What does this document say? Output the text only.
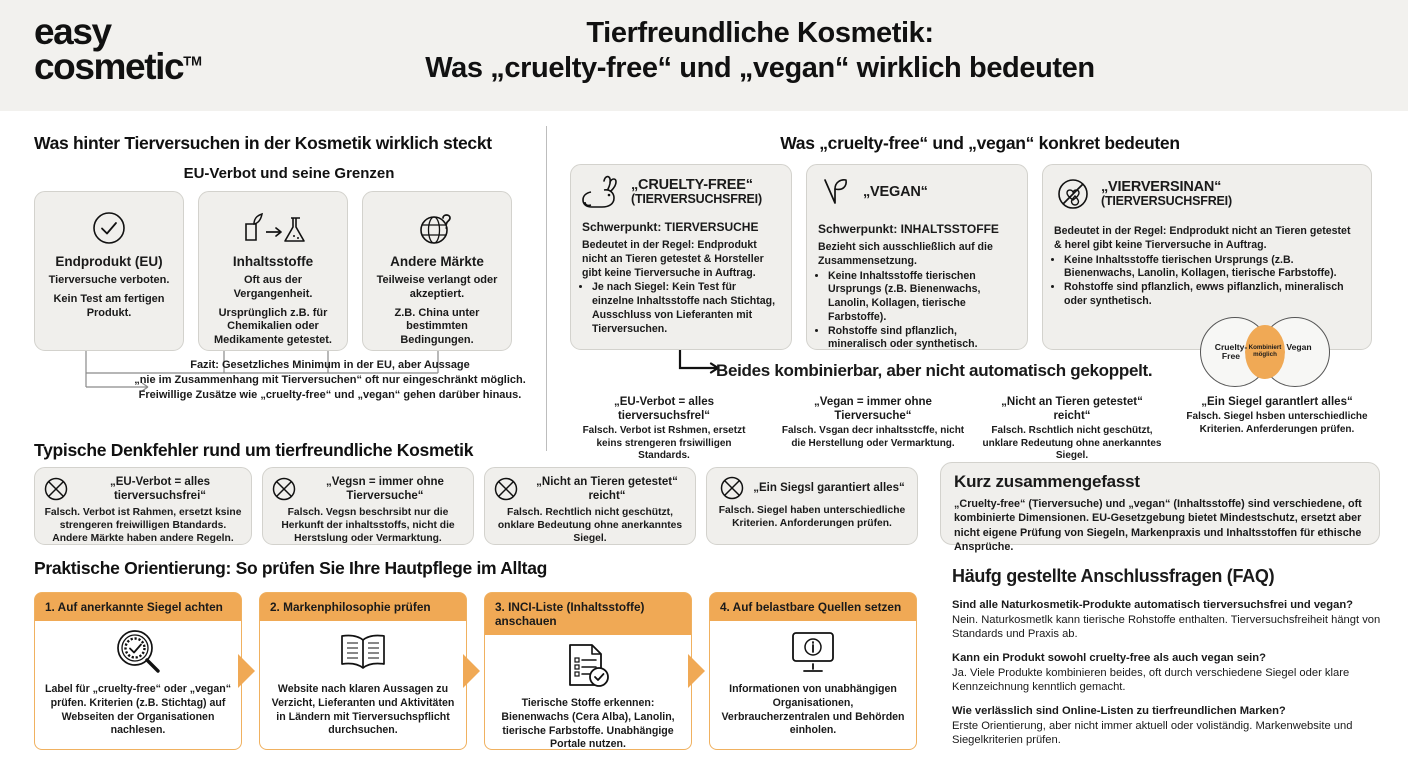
easy
cosmetic™
Tierfreundliche Kosmetik:
Was „cruelty-free“ und „vegan“ wirklich bedeuten
Was hinter Tierversuchen in der Kosmetik wirklich steckt
EU-Verbot und seine Grenzen
Endprodukt (EU)

Tierversuche verboten.

Kein Test am fertigen Produkt.

Inhaltsstoffe

Oft aus der Vergangenheit.

Ursprünglich z.B. für Chemikalien oder Medikamente getestet.

Andere Märkte

Teilweise verlangt oder akzeptiert.

Z.B. China unter bestimmten Bedingungen.

Fazit: Gesetzliches Minimum in der EU, aber Aussage
„nie im Zusammenhang mit Tierversuchen“ oft nur eingeschränkt möglich.
Freiwillige Zusätze wie „cruelty-free“ und „vegan“ gehen darüber hinaus.
Was „cruelty-free“ und „vegan“ konkret bedeuten
„CRUELTY-FREE“
(TIERVERSUCHSFREI)
Schwerpunkt: TIERVERSUCHE
Bedeutet in der Regel: Endprodukt nicht an Tieren getestet & Horsteller gibt keine Tierversuche in Auftrag.
• Je nach Siegel: Kein Test für einzelne Inhaltsstoffe nach Stichtag, Ausschluss von Lieferanten mit Tierversuchen.
„VEGAN“
Schwerpunkt: INHALTSSTOFFE
Bezieht sich ausschließlich auf die Zusammensetzung.
• Keine Inhaltsstoffe tierischen Ursprungs (z.B. Bienenwachs, Lanolin, Kollagen, tierische Farbstoffe).
• Rohstoffe sind pflanzlich, mineralisch oder synthetisch.
„VIERVERSINAN“
(TIERVERSUCHSFREI)
Bedeutet in der Regel: Endprodukt nicht an Tieren getestet & herel gibt keine Tierversuche in Auftrag.
• Keine Inhaltsstoffe tierischen Ursprungs (z.B. Bienenwachs, Lanolin, Kollagen, tierische Farbstoffe).
• Rohstoffe sind pflanzlich, ewws piflanzlich, mineralisch oder synthetisch.
Beides kombinierbar, aber nicht automatisch gekoppelt.
Cruelty-Free
Vegan
Kombiniert möglich
„EU-Verbot = alles tierversuchsfrel“
Falsch. Verbot ist Rshmen, ersetzt keins strengeren frsiwilligen Standards.
„Vegan = immer ohne Tierversuche“
Falsch. Vsgan decr inhaltsstcffe, nicht die Herstellung oder Vermarktung.
„Nicht an Tieren getestet“ reicht“
Falsch. Rschtlich nicht geschützt, unklare Redeutung ohne anerkanntes Siegel.
„Ein Siegel garantlert alles“
Falsch. Siegel hsben unterschiedliche Kriterien. Anferderungen prüfen.
Typische Denkfehler rund um tierfreundliche Kosmetik
„EU-Verbot = alles tierversuchsfrei“
Falsch. Verbot ist Rahmen, ersetzt ksine strengeren freiwilligen Btandards. Andere Märkte haben andere Regeln.
„Vegsn = immer ohne Tierversuche“
Falsch. Vegsn beschrsibt nur die Herkunft der inhaltsstoffs, nicht die Herstslung oder Vermarktung.
„Nicht an Tieren getestet“ reicht“
Falsch. Rechtlich nicht geschützt, onklare Bedeutung ohne anerkanntes Siegel.
„Ein Siegsl garantiert alles“
Falsch. Siegel haben unterschiedliche Kriterien. Anforderungen prüfen.
Kurz zusammengefasst

„Cruelty-free“ (Tierversuche) und „vegan“ (Inhaltsstoffe) sind verschiedene, oft kombinierte Dimensionen. EU-Gesetzgebung bietet Mindestschutz, ersetzt aber nicht eigene Prüfung von Siegeln, Markenpraxis und Inhaltsstoffen für ethische Ansprüche.

Praktische Orientierung: So prüfen Sie Ihre Hautpflege im Alltag
1. Auf anerkannte Siegel achten
Label für „cruelty-free“ oder „vegan“ prüfen. Kriterien (z.B. Stichtag) auf Webseiten der Organisationen nachlesen.
2. Markenphilosophie prüfen
Website nach klaren Aussagen zu Verzicht, Lieferanten und Aktivitäten in Ländern mit Tierversuchspflicht durchsuchen.
3. INCI-Liste (Inhaltsstoffe) anschauen
Tierische Stoffe erkennen: Bienenwachs (Cera Alba), Lanolin, tierische Farbstoffe. Unabhängige Portale nutzen.
4. Auf belastbare Quellen setzen
Informationen von unabhängigen Organisationen, Verbraucherzentralen und Behörden einholen.
Häufg gestellte Anschlussfragen (FAQ)
Sind alle Naturkosmetik-Produkte automatisch tierversuchsfrei und vegan?
Nein. Naturkosmetlk kann tierische Rohstoffe enthalten. Tierversuchsfreiheit hängt von Standards und Praxis ab.
Kann ein Produkt sowohl cruelty-free als auch vegan sein?
Ja. Viele Produkte kombinieren beides, oft durch verschiedene Siegel oder klare Kennzeichnung kenntlich gemacht.
Wie verlässlich sind Online-Listen zu tierfreundlichen Marken?
Erste Orientierung, aber nicht immer aktuell oder voliständig. Markenwebsite und Siegelkriterien prüfen.
